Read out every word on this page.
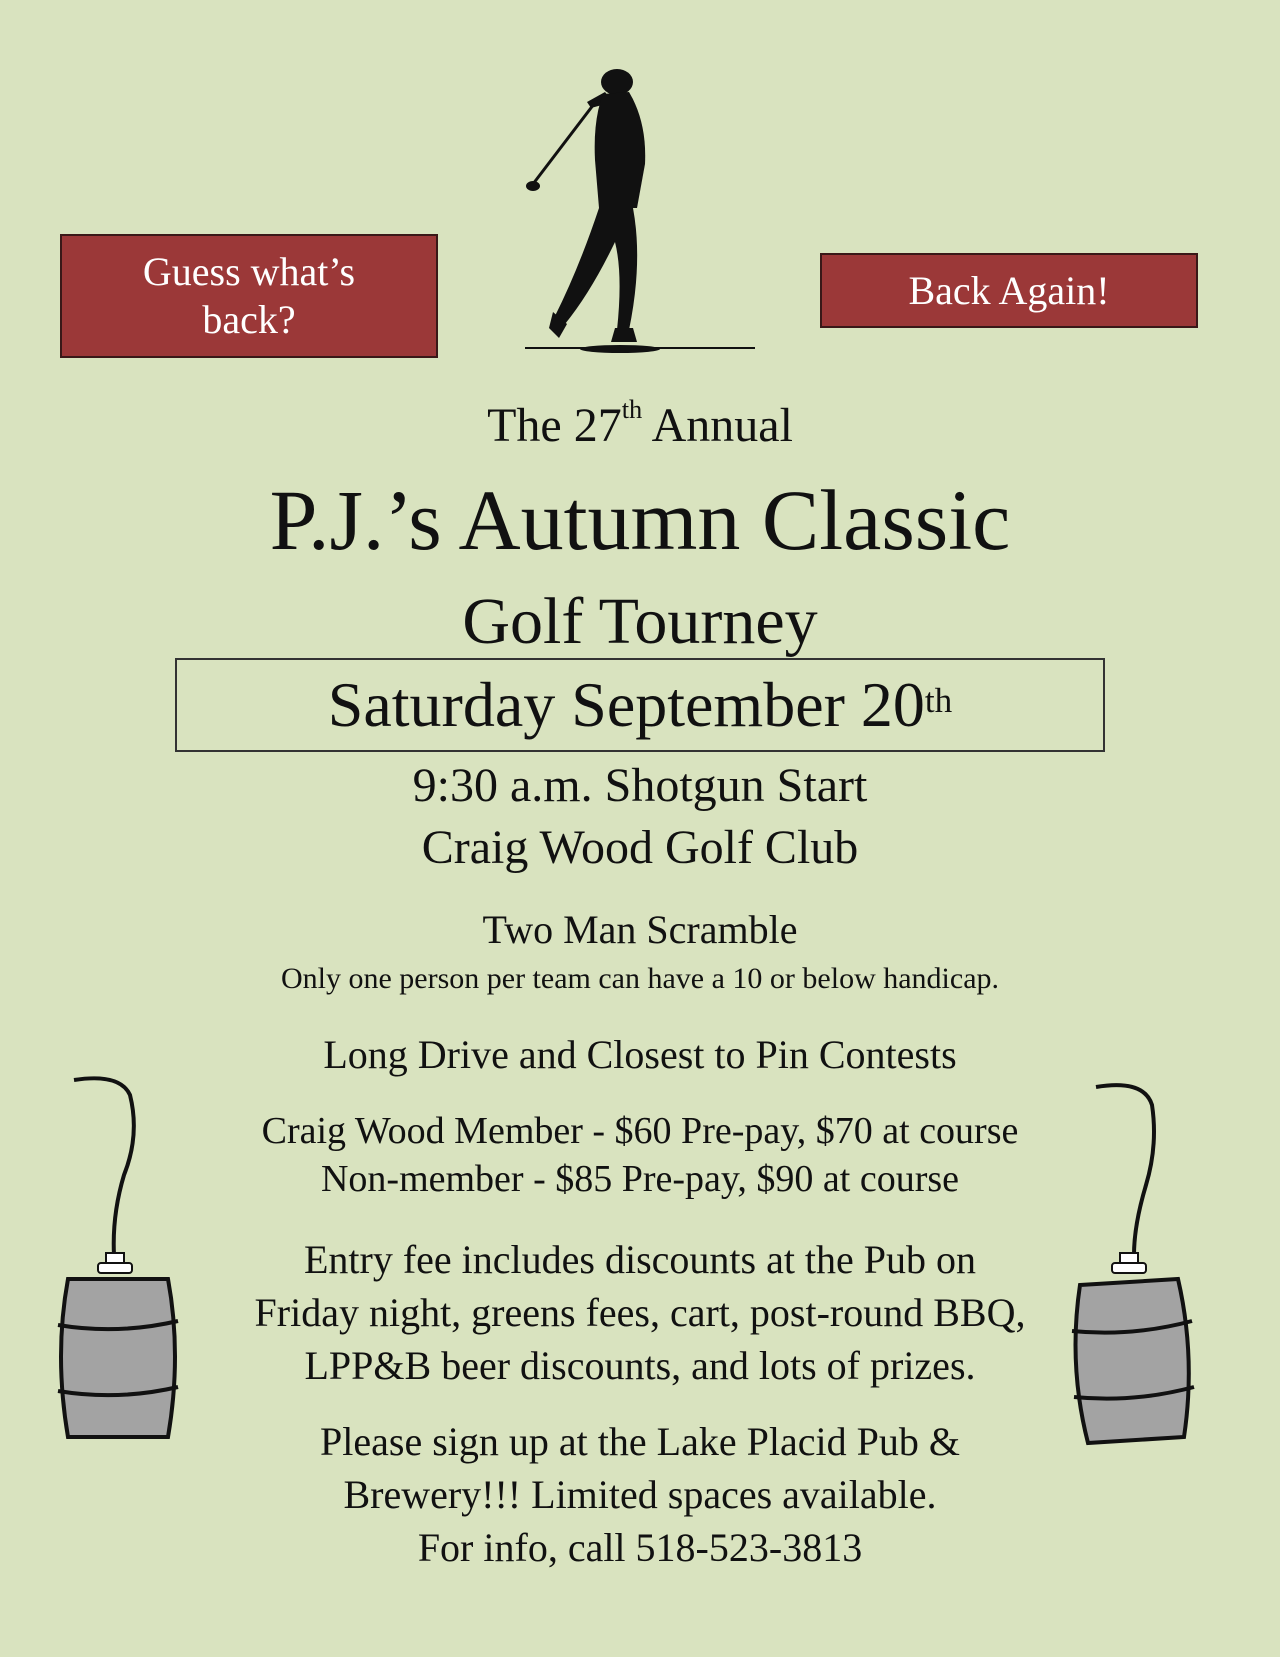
Guess what’s back?
Back Again!
The 27th Annual
P.J.’s Autumn Classic
Golf Tourney
Saturday September 20th
9:30 a.m. Shotgun Start
Craig Wood Golf Club
Two Man Scramble
Only one person per team can have a 10 or below handicap.
Long Drive and Closest to Pin Contests
Craig Wood Member - $60 Pre-pay, $70 at course
Non-member - $85 Pre-pay, $90 at course
Entry fee includes discounts at the Pub on
Friday night, greens fees, cart, post-round BBQ,
LPP&B beer discounts, and lots of prizes.
Please sign up at the Lake Placid Pub &
Brewery!!! Limited spaces available.
For info, call 518-523-3813
